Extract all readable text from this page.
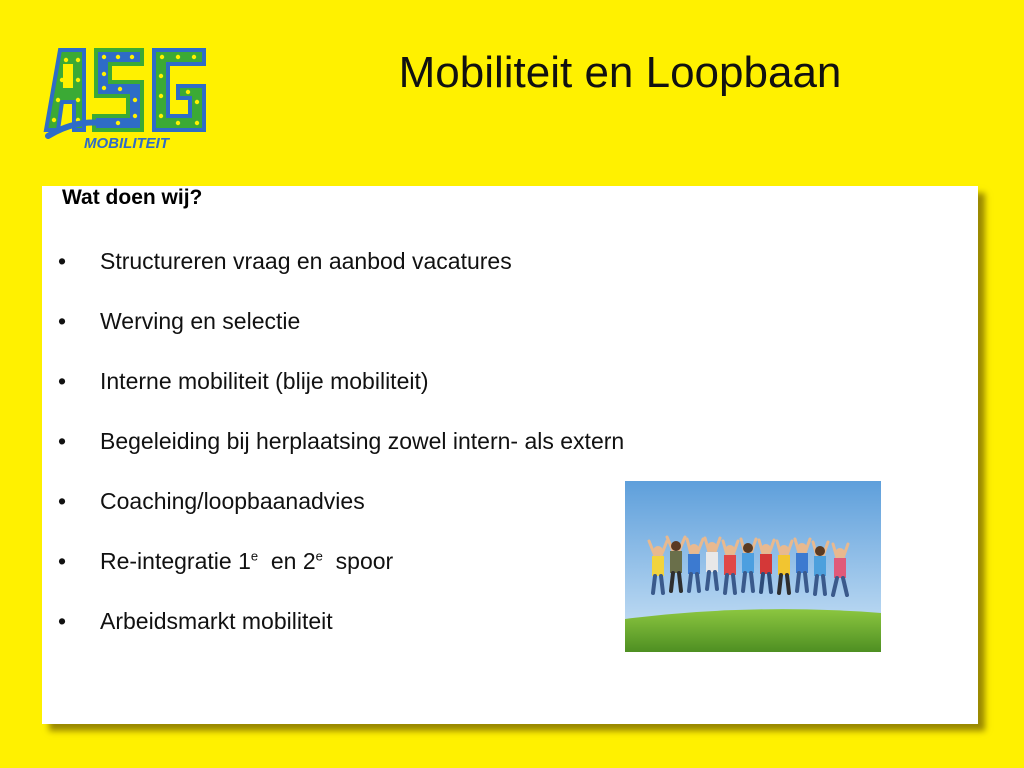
MOBILITEIT
Mobiliteit en Loopbaan
Wat doen wij?
• Structureren vraag en aanbod vacatures
• Werving en selectie
• Interne mobiliteit (blije mobiliteit)
• Begeleiding bij herplaatsing zowel intern- als extern
• Coaching/loopbaanadvies
• Re-integratie 1e  en 2e  spoor
• Arbeidsmarkt mobiliteit
